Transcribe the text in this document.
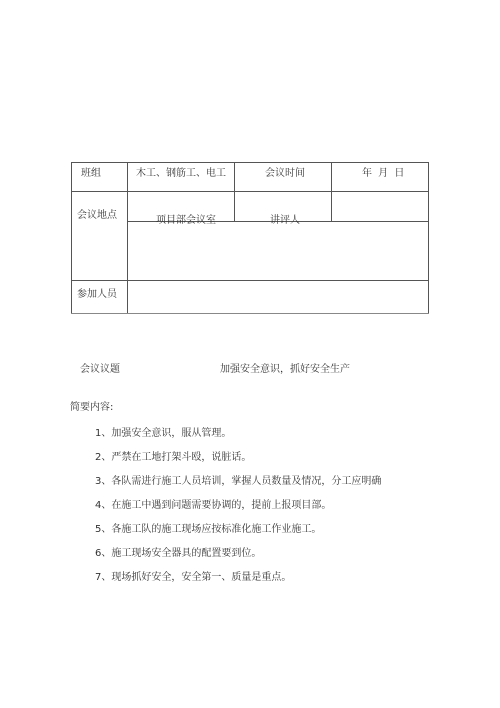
班组	木工、钢筋工、电工	会议时间	年 月 日
会议地点	项目部会议室	讲评人
参加人员
会议议题	加强安全意识，抓好安全生产
简要内容:
1、加强安全意识，服从管理。
2、严禁在工地打架斗殴，说脏话。
3、各队需进行施工人员培训，掌握人员数量及情况，分工应明确
4、在施工中遇到问题需要协调的，提前上报项目部。
5、各施工队的施工现场应按标准化施工作业施工。
6、施工现场安全器具的配置要到位。
7、现场抓好安全，安全第一、质量是重点。
